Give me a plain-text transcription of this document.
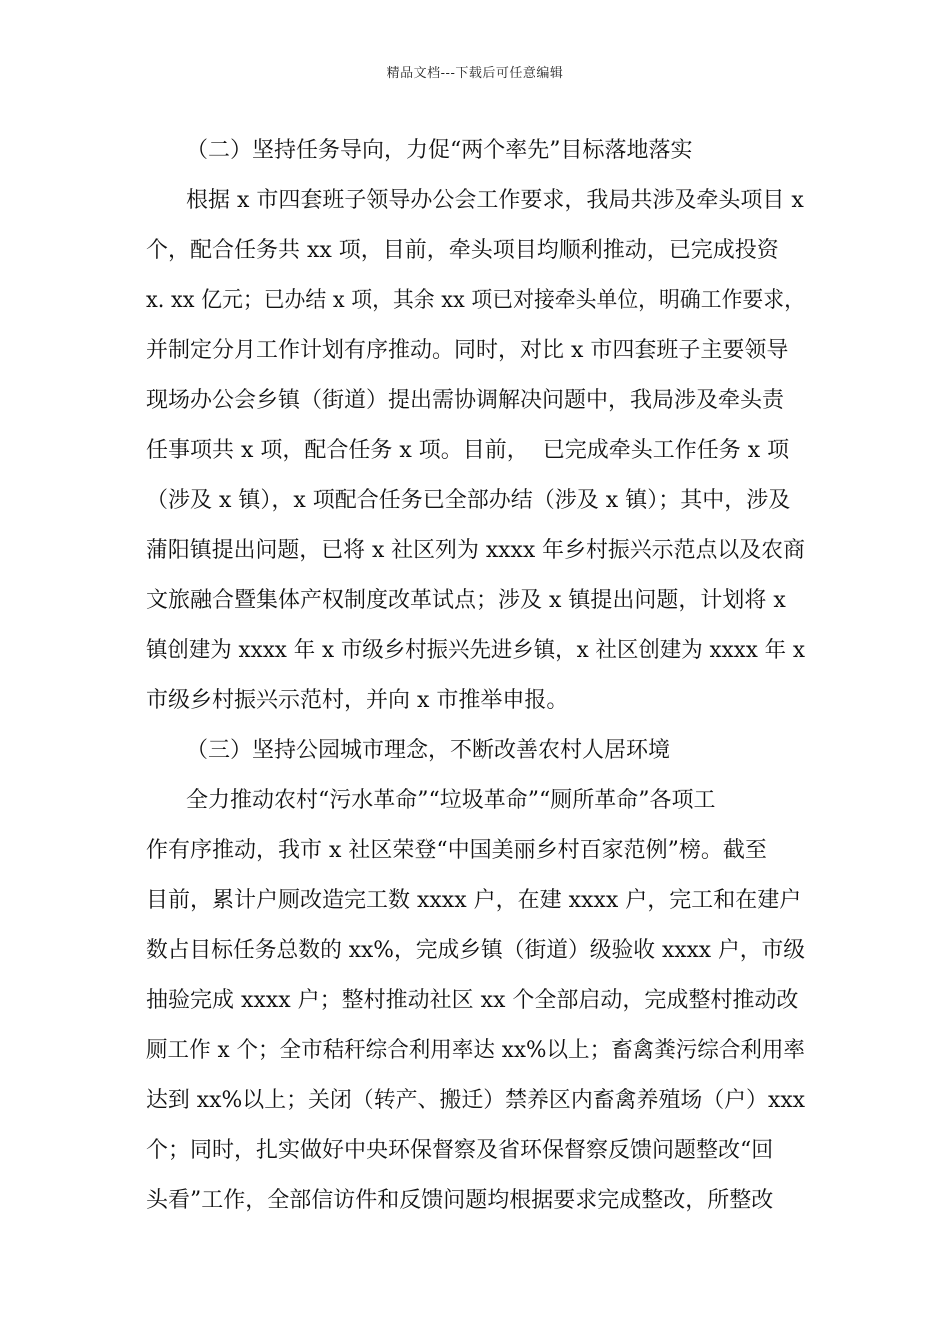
精品文档---下载后可任意编辑
（二）坚持任务导向，力促“两个率先”目标落地落实
根据 x 市四套班子领导办公会工作要求，我局共涉及牵头项目 x
个，配合任务共 xx 项，目前，牵头项目均顺利推动，已完成投资
x. xx 亿元；已办结 x 项，其余 xx 项已对接牵头单位，明确工作要求，
并制定分月工作计划有序推动。同时，对比 x 市四套班子主要领导
现场办公会乡镇（街道）提出需协调解决问题中，我局涉及牵头责
任事项共 x 项，配合任务 x 项。目前，  已完成牵头工作任务 x 项
（涉及 x 镇），x 项配合任务已全部办结（涉及 x 镇）；其中，涉及
蒲阳镇提出问题，已将 x 社区列为 xxxx 年乡村振兴示范点以及农商
文旅融合暨集体产权制度改革试点；涉及 x 镇提出问题，计划将 x
镇创建为 xxxx 年 x 市级乡村振兴先进乡镇，x 社区创建为 xxxx 年 x
市级乡村振兴示范村，并向 x 市推举申报。
（三）坚持公园城市理念，不断改善农村人居环境
全力推动农村“污水革命”“垃圾革命”“厕所革命”各项工
作有序推动，我市 x 社区荣登“中国美丽乡村百家范例”榜。截至
目前，累计户厕改造完工数 xxxx 户，在建 xxxx 户，完工和在建户
数占目标任务总数的 xx%，完成乡镇（街道）级验收 xxxx 户，市级
抽验完成 xxxx 户；整村推动社区 xx 个全部启动，完成整村推动改
厕工作 x 个；全市秸秆综合利用率达 xx%以上；畜禽粪污综合利用率
达到 xx%以上；关闭（转产、搬迁）禁养区内畜禽养殖场（户）xxx
个；同时，扎实做好中央环保督察及省环保督察反馈问题整改“回
头看”工作，全部信访件和反馈问题均根据要求完成整改，所整改
